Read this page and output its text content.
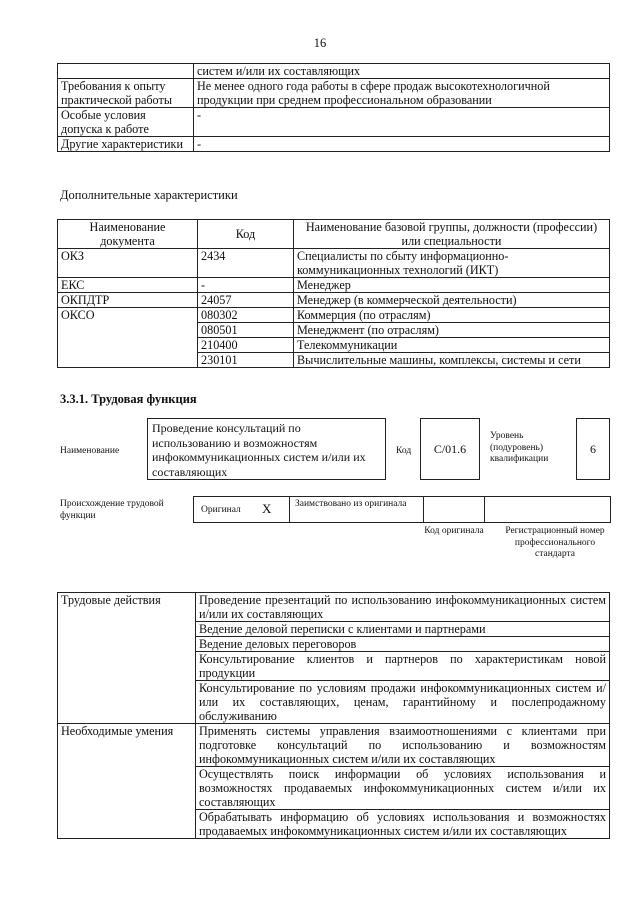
16
	систем и/или их составляющих
Требования к опыту практической работы	Не менее одного года работы в сфере продаж высокотехнологичной продукции при среднем профессиональном образовании
Особые условия допуска к работе	-
Другие характеристики	-
Дополнительные характеристики
Наименование документа	Код	Наименование базовой группы, должности (профессии) или специальности
ОКЗ	2434	Специалисты по сбыту информационно-коммуникационных технологий (ИКТ)
ЕКС	-	Менеджер
ОКПДТР	24057	Менеджер (в коммерческой деятельности)
ОКСО	080302	Коммерция (по отраслям)
	080501	Менеджмент (по отраслям)
	210400	Телекоммуникации
	230101	Вычислительные машины, комплексы, системы и сети
3.3.1. Трудовая функция
Наименование
Проведение консультаций по использованию и возможностям инфокоммуникационных систем и/или их составляющих
Код	C/01.6
Уровень (подуровень) квалификации
6
Происхождение трудовой функции
Оригинал X Заимствовано из оригинала
Код оригинала	Регистрационный номер профессионального стандарта
Трудовые действия	Проведение презентаций по использованию инфокоммуникационных систем и/или их составляющих
	Ведение деловой переписки с клиентами и партнерами
	Ведение деловых переговоров
	Консультирование клиентов и партнеров по характеристикам новой продукции
	Консультирование по условиям продажи инфокоммуникационных систем и/или их составляющих, ценам, гарантийному и послепродажному обслуживанию
Необходимые умения	Применять системы управления взаимоотношениями с клиентами при подготовке консультаций по использованию и возможностям инфокоммуникационных систем и/или их составляющих
	Осуществлять поиск информации об условиях использования и возможностях продаваемых инфокоммуникационных систем и/или их составляющих
	Обрабатывать информацию об условиях использования и возможностях продаваемых инфокоммуникационных систем и/или их составляющих
